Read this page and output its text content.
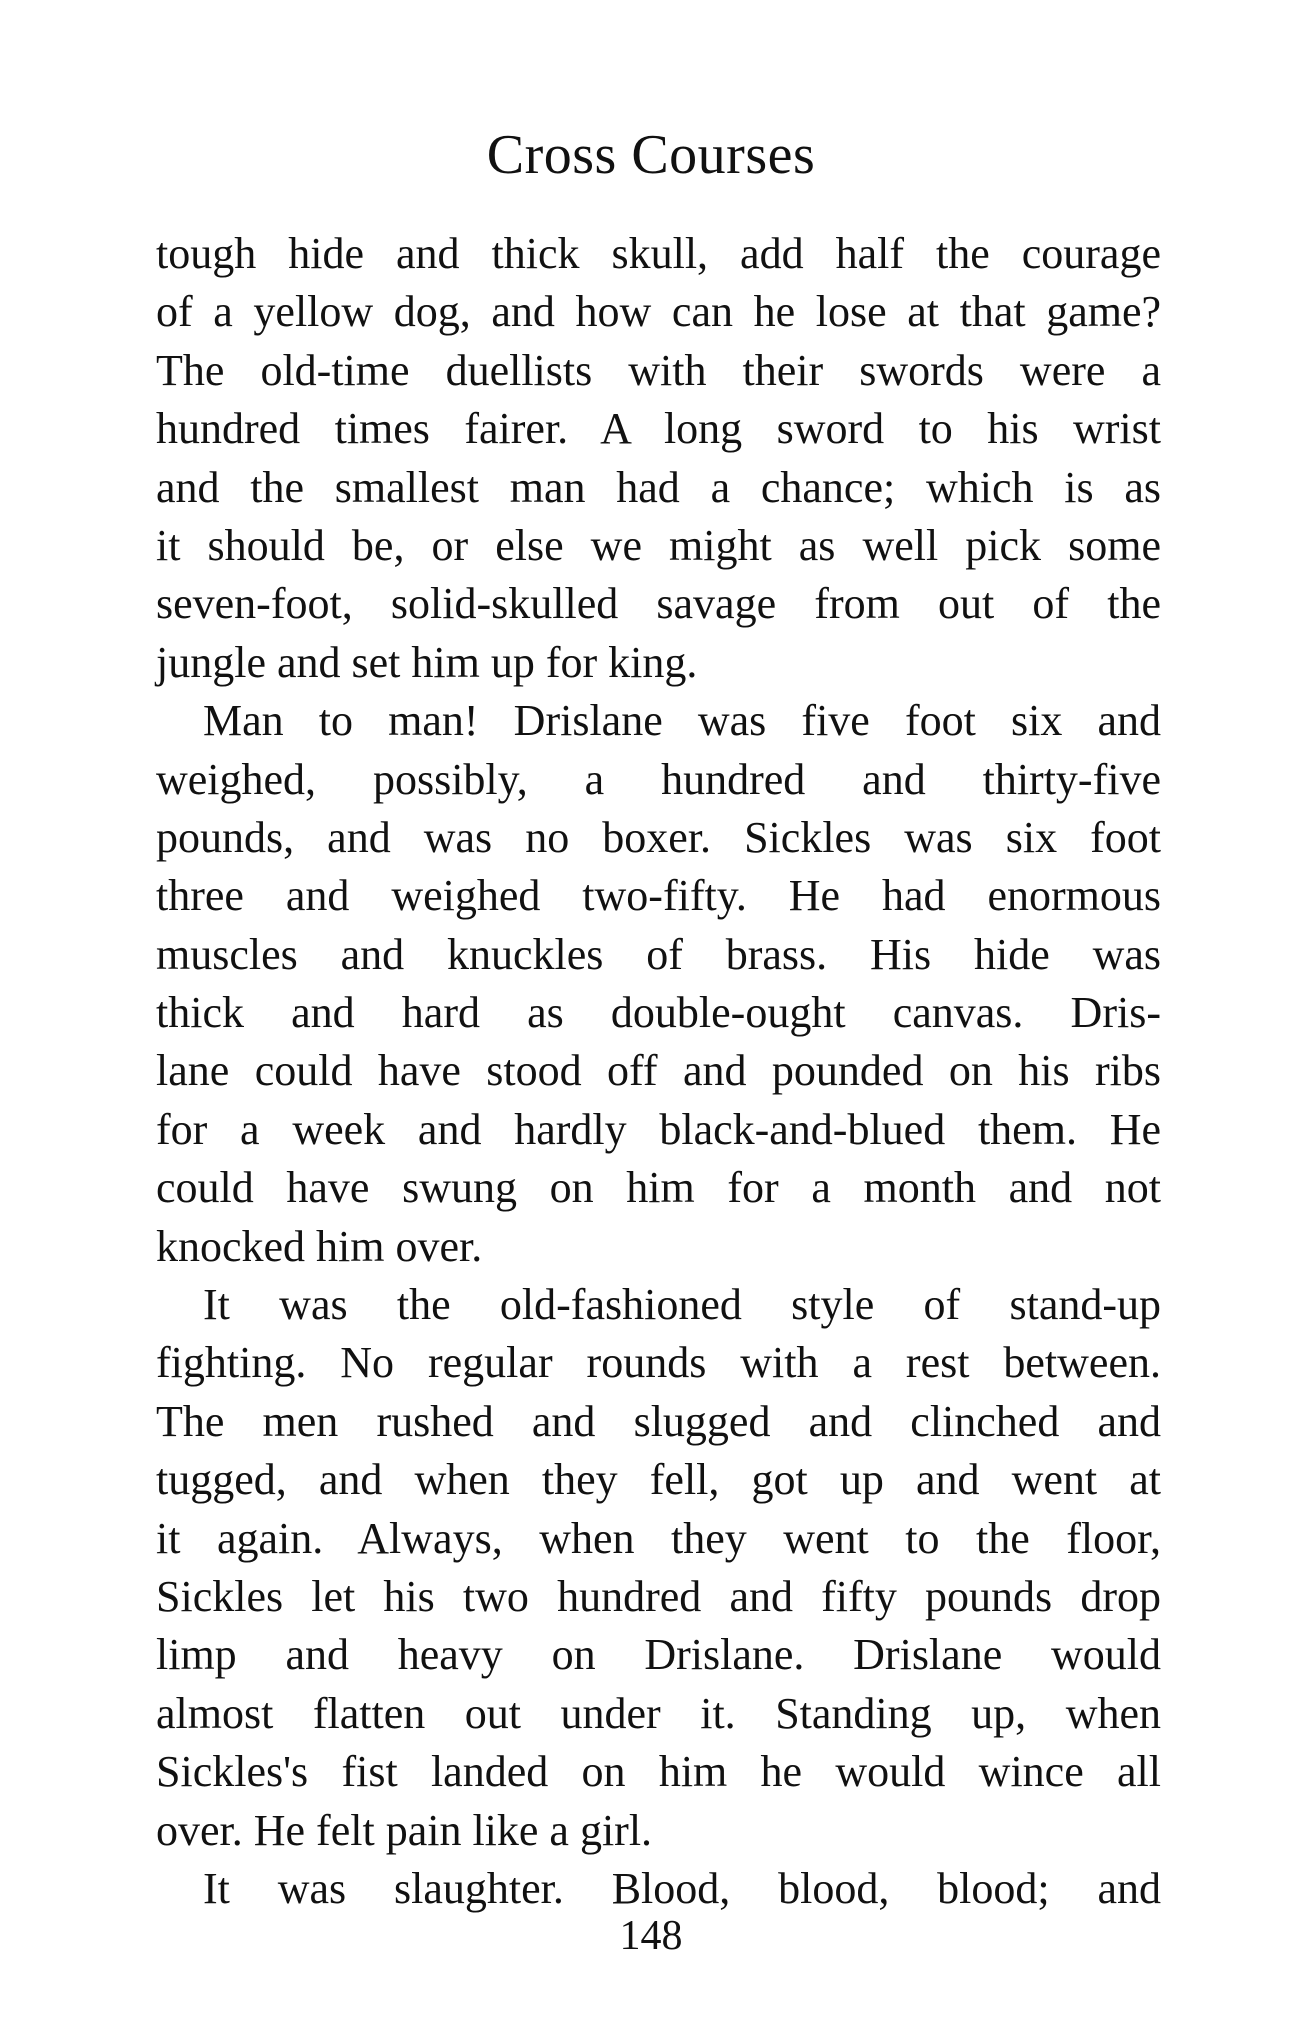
Cross Courses
tough hide and thick skull, add half the courage
of a yellow dog, and how can he lose at that game?
The old-time duellists with their swords were a
hundred times fairer. A long sword to his wrist
and the smallest man had a chance; which is as
it should be, or else we might as well pick some
seven-foot, solid-skulled savage from out of the
jungle and set him up for king.
Man to man! Drislane was five foot six and
weighed, possibly, a hundred and thirty-five
pounds, and was no boxer. Sickles was six foot
three and weighed two-fifty. He had enormous
muscles and knuckles of brass. His hide was
thick and hard as double-ought canvas. Dris-
lane could have stood off and pounded on his ribs
for a week and hardly black-and-blued them. He
could have swung on him for a month and not
knocked him over.
It was the old-fashioned style of stand-up
fighting. No regular rounds with a rest between.
The men rushed and slugged and clinched and
tugged, and when they fell, got up and went at
it again. Always, when they went to the floor,
Sickles let his two hundred and fifty pounds drop
limp and heavy on Drislane. Drislane would
almost flatten out under it. Standing up, when
Sickles's fist landed on him he would wince all
over. He felt pain like a girl.
It was slaughter. Blood, blood, blood; and
148
